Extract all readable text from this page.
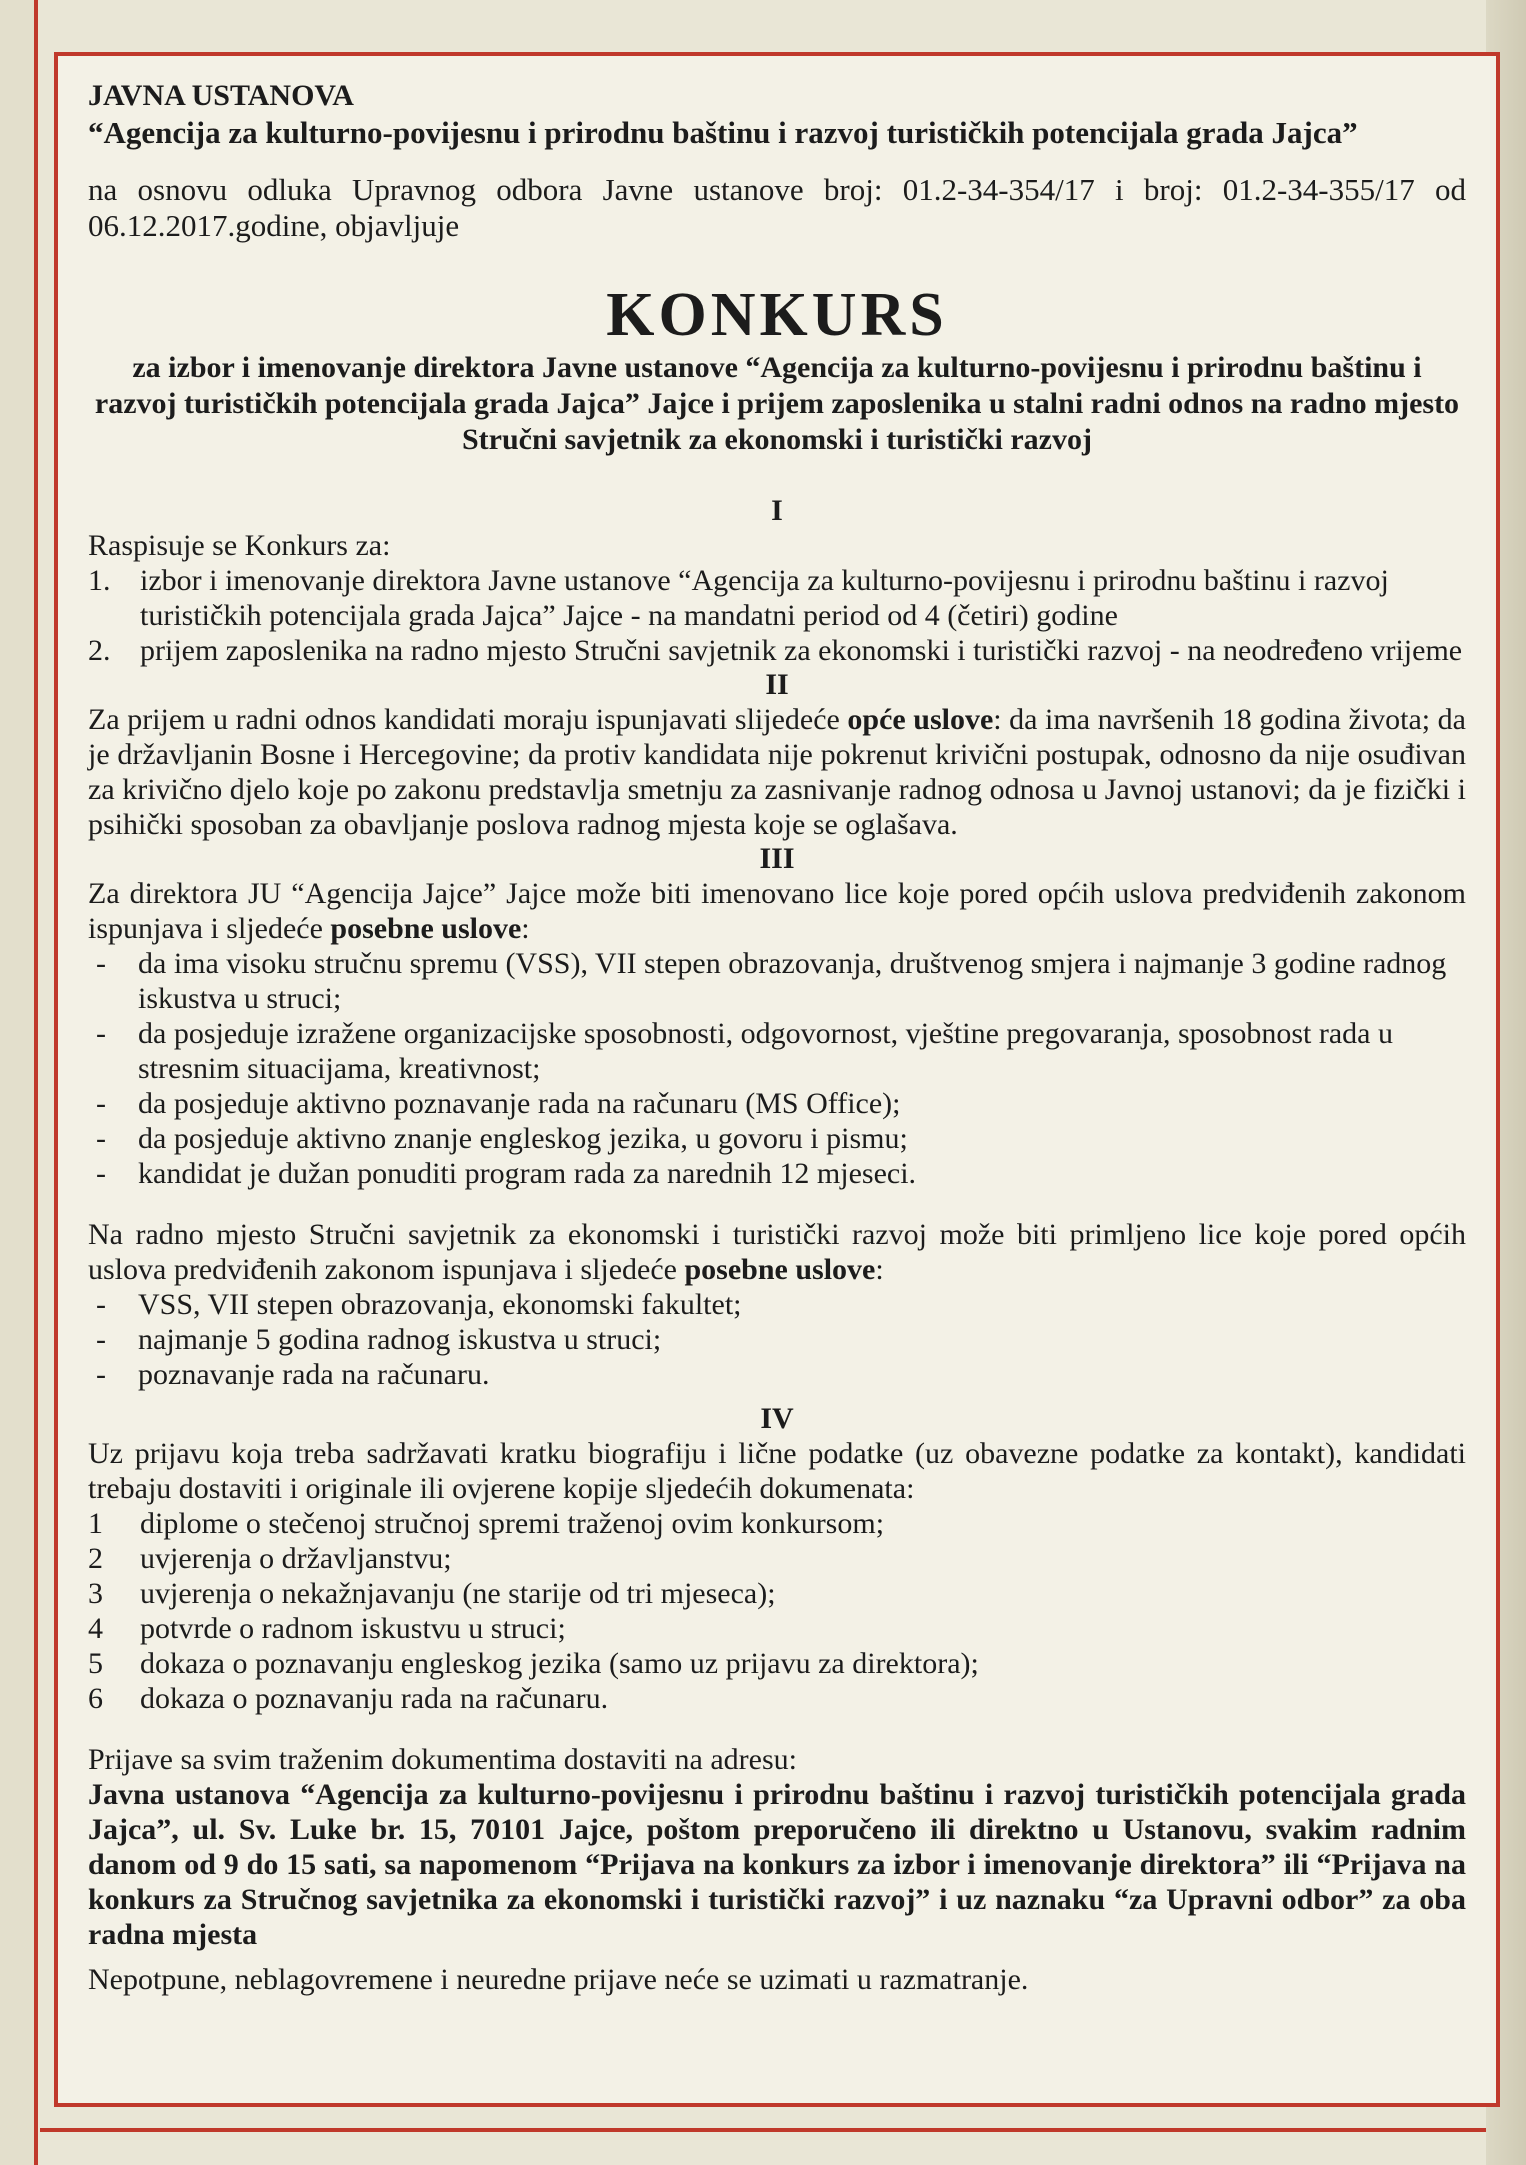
JAVNA USTANOVA

“Agencija za kulturno-povijesnu i prirodnu baštinu i razvoj turističkih potencijala grada Jajca”

na osnovu odluka Upravnog odbora Javne ustanove broj: 01.2-34-354/17 i broj: 01.2-34-355/17 od 06.12.2017.godine, objavljuje

KONKURS
za izbor i imenovanje direktora Javne ustanove “Agencija za kulturno-povijesnu i prirodnu baštinu i razvoj turističkih potencijala grada Jajca” Jajce i prijem zaposlenika u stalni radni odnos na radno mjesto Stručni savjetnik za ekonomski i turistički razvoj
I
Raspisuje se Konkurs za:
1. izbor i imenovanje direktora Javne ustanove “Agencija za kulturno-povijesnu i prirodnu baštinu i razvoj turističkih potencijala grada Jajca” Jajce - na mandatni period od 4 (četiri) godine
2. prijem zaposlenika na radno mjesto Stručni savjetnik za ekonomski i turistički razvoj - na neodređeno vrijeme
II
Za prijem u radni odnos kandidati moraju ispunjavati slijedeće opće uslove: da ima navršenih 18 godina života; da je državljanin Bosne i Hercegovine; da protiv kandidata nije pokrenut krivični postupak, odnosno da nije osuđivan za krivično djelo koje po zakonu predstavlja smetnju za zasnivanje radnog odnosa u Javnoj ustanovi; da je fizički i psihički sposoban za obavljanje poslova radnog mjesta koje se oglašava.
III
Za direktora JU “Agencija Jajce” Jajce može biti imenovano lice koje pored općih uslova predviđenih zakonom ispunjava i sljedeće posebne uslove:
-	da ima visoku stručnu spremu (VSS), VII stepen obrazovanja, društvenog smjera i najmanje 3 godine radnog iskustva u struci;
-	da posjeduje izražene organizacijske sposobnosti, odgovornost, vještine pregovaranja, sposobnost rada u stresnim situacijama, kreativnost;
-	da posjeduje aktivno poznavanje rada na računaru (MS Office);
-	da posjeduje aktivno znanje engleskog jezika, u govoru i pismu;
-	kandidat je dužan ponuditi program rada za narednih 12 mjeseci.
Na radno mjesto Stručni savjetnik za ekonomski i turistički razvoj može biti primljeno lice koje pored općih uslova predviđenih zakonom ispunjava i sljedeće posebne uslove:
-	VSS, VII stepen obrazovanja, ekonomski fakultet;
-	najmanje 5 godina radnog iskustva u struci;
-	poznavanje rada na računaru.
IV
Uz prijavu koja treba sadržavati kratku biografiju i lične podatke (uz obavezne podatke za kontakt), kandidati trebaju dostaviti i originale ili ovjerene kopije sljedećih dokumenata:
1	diplome o stečenoj stručnoj spremi traženoj ovim konkursom;
2	uvjerenja o državljanstvu;
3	uvjerenja o nekažnjavanju (ne starije od tri mjeseca);
4	potvrde o radnom iskustvu u struci;
5	dokaza o poznavanju engleskog jezika (samo uz prijavu za direktora);
6	dokaza o poznavanju rada na računaru.
Prijave sa svim traženim dokumentima dostaviti na adresu:
Javna ustanova “Agencija za kulturno-povijesnu i prirodnu baštinu i razvoj turističkih potencijala grada Jajca”, ul. Sv. Luke br. 15, 70101 Jajce, poštom preporučeno ili direktno u Ustanovu, svakim radnim danom od 9 do 15 sati, sa napomenom “Prijava na konkurs za izbor i imenovanje direktora” ili “Prijava na konkurs za Stručnog savjetnika za ekonomski i turistički razvoj” i uz naznaku “za Upravni odbor” za oba radna mjesta
Nepotpune, neblagovremene i neuredne prijave neće se uzimati u razmatranje.
